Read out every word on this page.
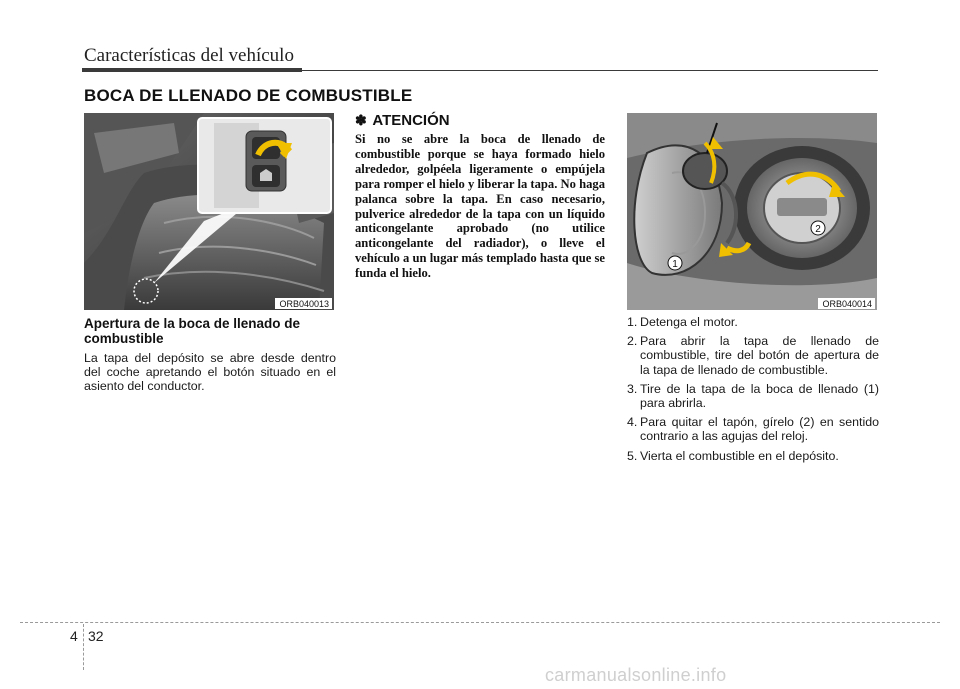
Características del vehículo
BOCA DE LLENADO DE COMBUSTIBLE
ORB040013
Apertura de la boca de llenado de combustible
La tapa del depósito se abre desde dentro del coche apretando el botón situado en el asiento del conductor.
✽ ATENCIÓN
Si no se abre la boca de llenado de combustible porque se haya formado hielo alrededor, golpéela ligeramente o empújela para romper el hielo y liberar la tapa. No haga palanca sobre la tapa. En caso necesario, pulverice alrededor de la tapa con un líquido anticongelante aprobado (no utilice anticongelante del radiador), o lleve el vehículo a un lugar más templado hasta que se funda el hielo.
1
2
ORB040014
1. Detenga el motor.
2. Para abrir la tapa de llenado de combustible, tire del botón de apertura de la tapa de llenado de combustible.
3. Tire de la tapa de la boca de llenado (1) para abrirla.
4. Para quitar el tapón, gírelo (2) en sentido contrario a las agujas del reloj.
5. Vierta el combustible en el depósito.
4 32
carmanualsonline.info
